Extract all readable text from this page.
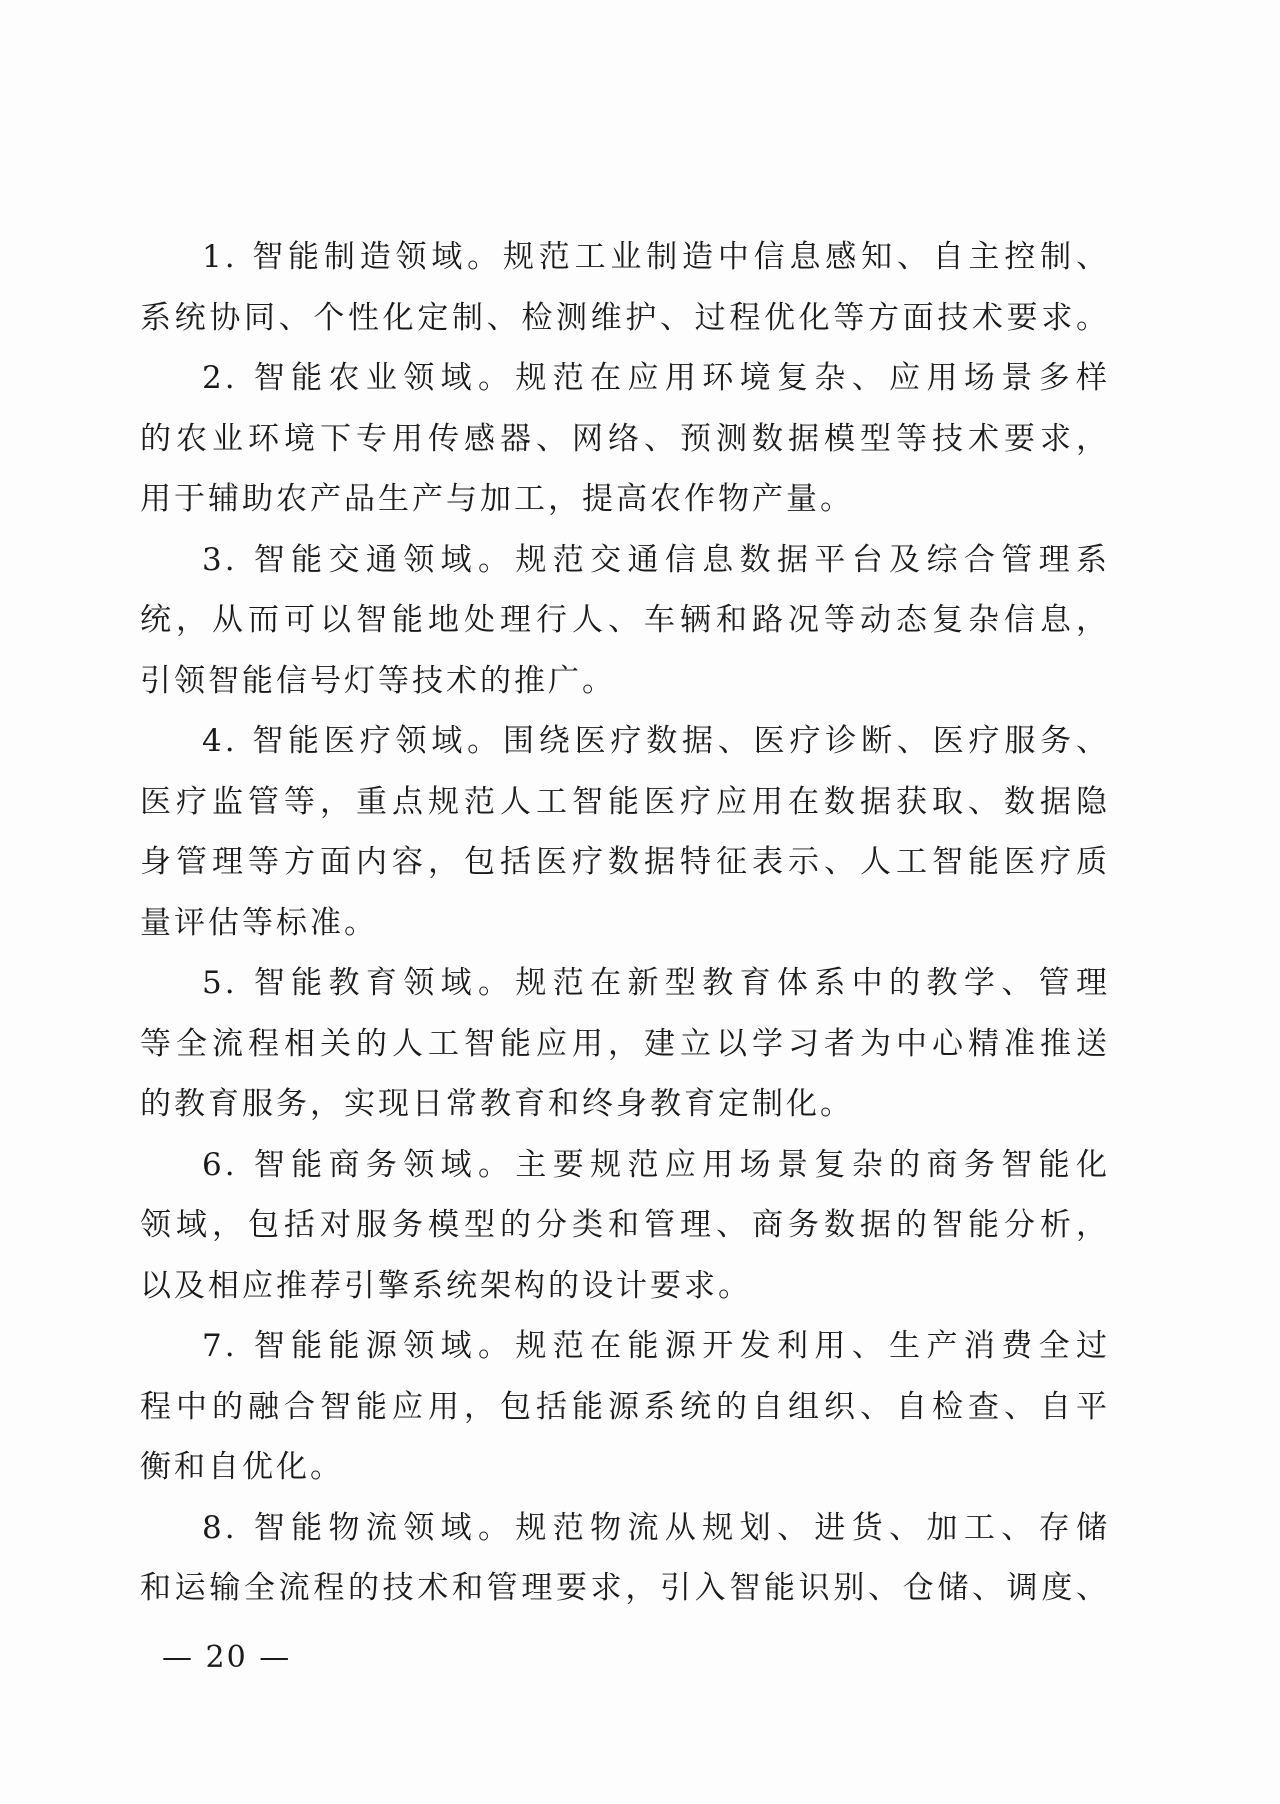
1. 智能制造领域。规范工业制造中信息感知、自主控制、
系统协同、个性化定制、检测维护、过程优化等方面技术要求。
2. 智能农业领域。规范在应用环境复杂、应用场景多样
的农业环境下专用传感器、网络、预测数据模型等技术要求，
用于辅助农产品生产与加工，提高农作物产量。
3. 智能交通领域。规范交通信息数据平台及综合管理系
统，从而可以智能地处理行人、车辆和路况等动态复杂信息，
引领智能信号灯等技术的推广。
4. 智能医疗领域。围绕医疗数据、医疗诊断、医疗服务、
医疗监管等，重点规范人工智能医疗应用在数据获取、数据隐
身管理等方面内容，包括医疗数据特征表示、人工智能医疗质
量评估等标准。
5. 智能教育领域。规范在新型教育体系中的教学、管理
等全流程相关的人工智能应用，建立以学习者为中心精准推送
的教育服务，实现日常教育和终身教育定制化。
6. 智能商务领域。主要规范应用场景复杂的商务智能化
领域，包括对服务模型的分类和管理、商务数据的智能分析，
以及相应推荐引擎系统架构的设计要求。
7. 智能能源领域。规范在能源开发利用、生产消费全过
程中的融合智能应用，包括能源系统的自组织、自检查、自平
衡和自优化。
8. 智能物流领域。规范物流从规划、进货、加工、存储
和运输全流程的技术和管理要求，引入智能识别、仓储、调度、
— 20 —
